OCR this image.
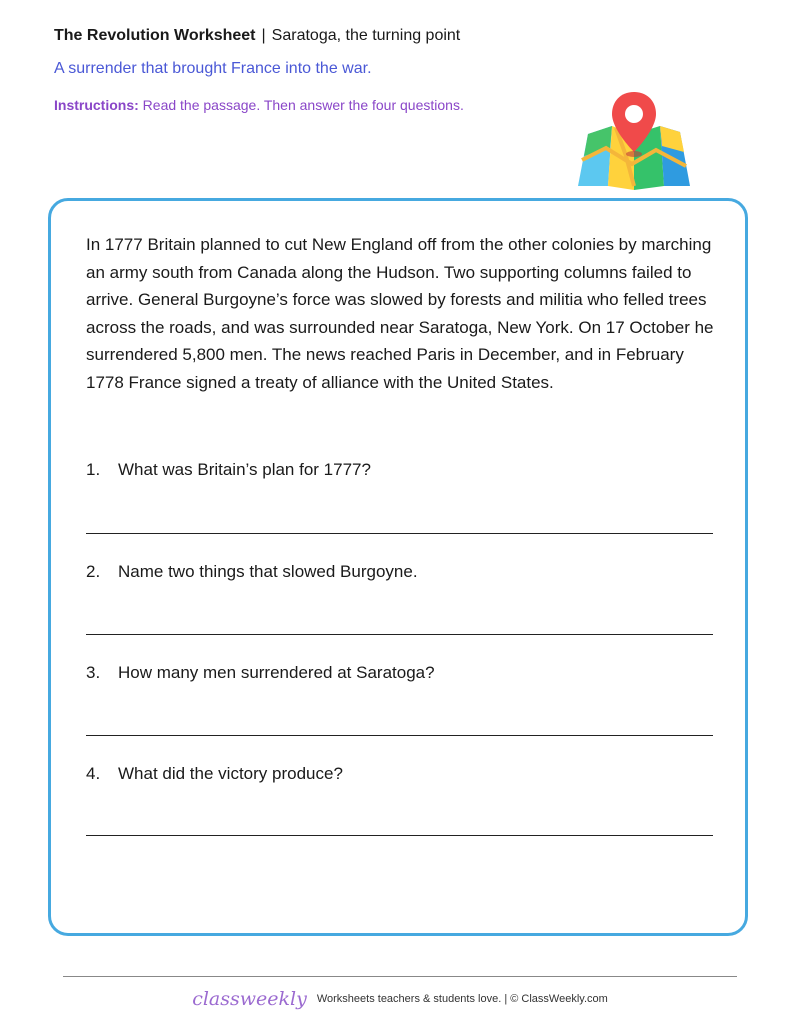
The Revolution Worksheet | Saratoga, the turning point
A surrender that brought France into the war.
Instructions: Read the passage. Then answer the four questions.
In 1777 Britain planned to cut New England off from the other colonies by marching an army south from Canada along the Hudson. Two supporting columns failed to arrive. General Burgoyne’s force was slowed by forests and militia who felled trees across the roads, and was surrounded near Saratoga, New York. On 17 October he surrendered 5,800 men. The news reached Paris in December, and in February 1778 France signed a treaty of alliance with the United States.
1. What was Britain’s plan for 1777?
2. Name two things that slowed Burgoyne.
3. How many men surrendered at Saratoga?
4. What did the victory produce?
classweekly Worksheets teachers & students love. | © ClassWeekly.com
